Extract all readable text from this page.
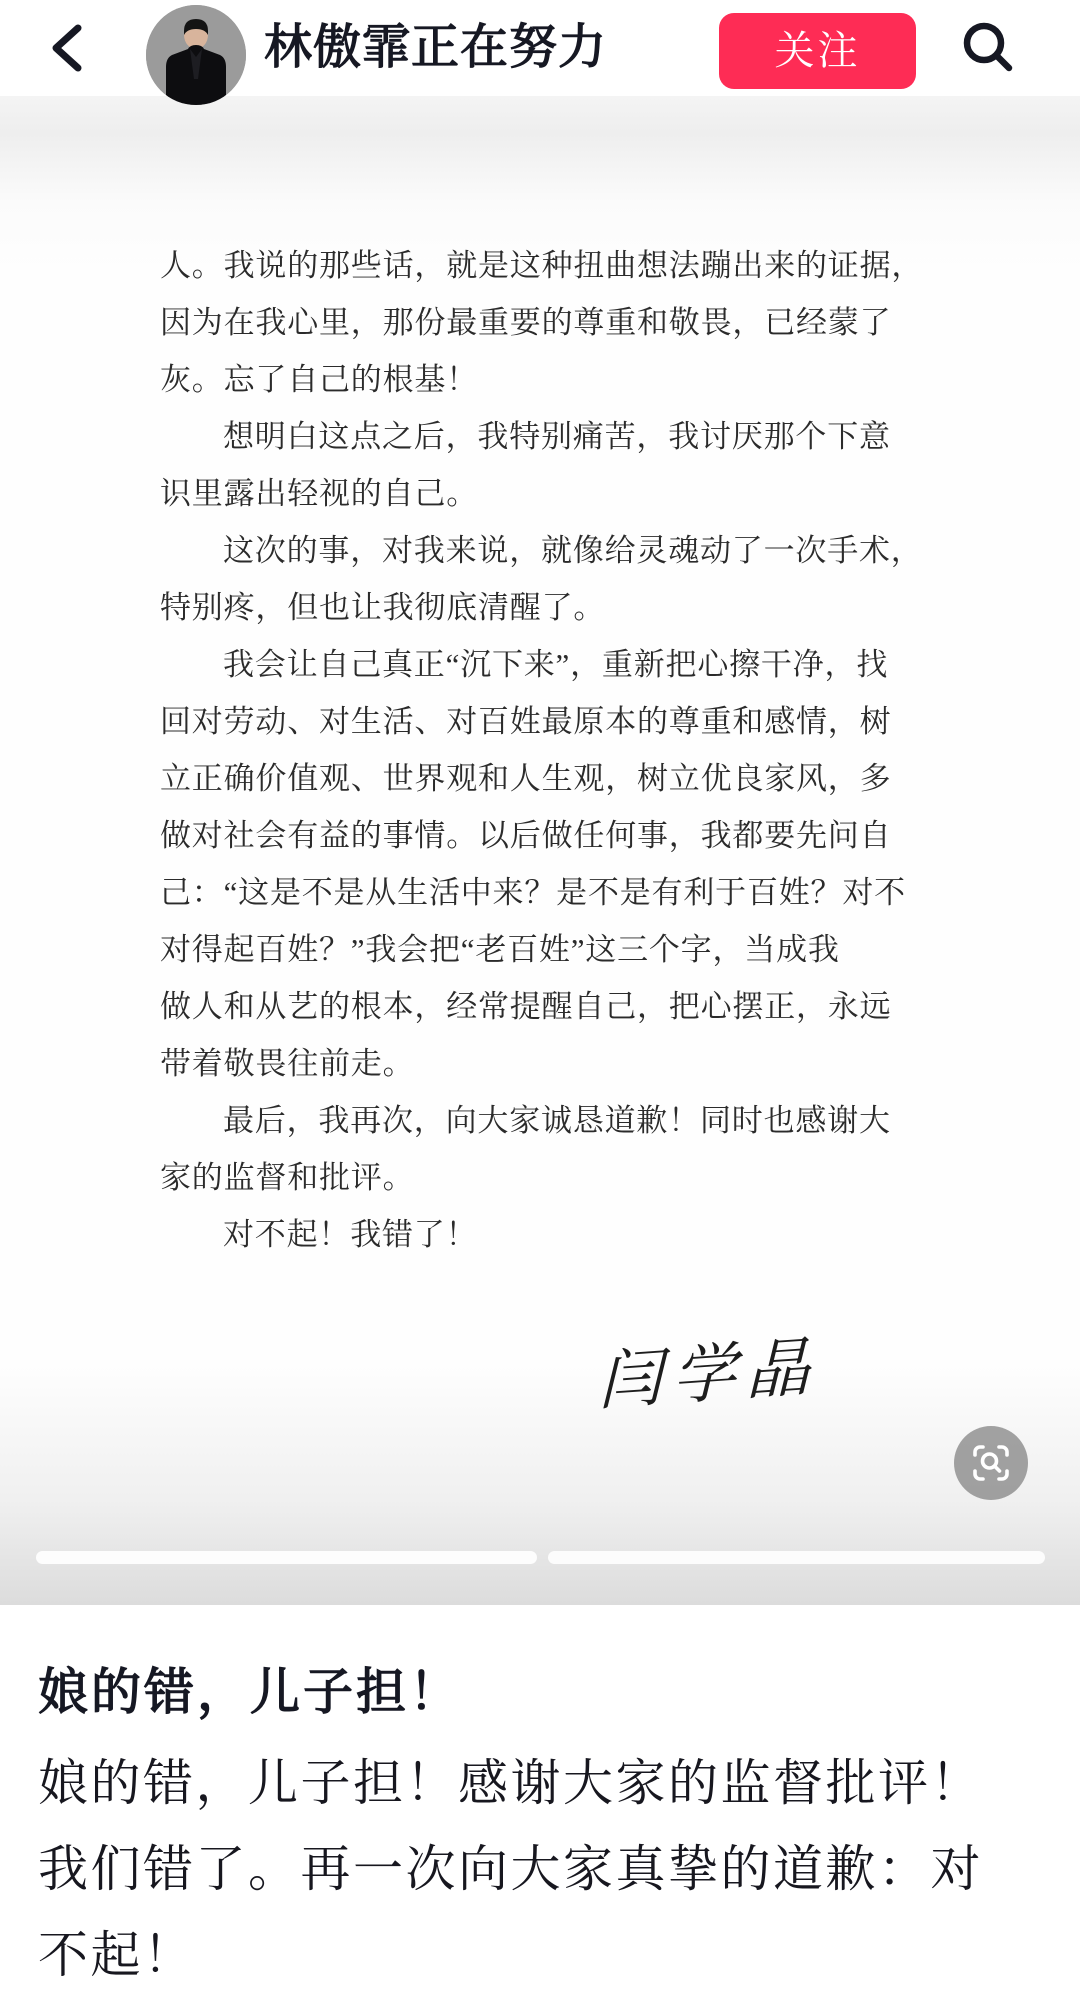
林傲霏正在努力	关注
人。我说的那些话，就是这种扭曲想法蹦出来的证据，
因为在我心里，那份最重要的尊重和敬畏，已经蒙了
灰。忘了自己的根基！
想明白这点之后，我特别痛苦，我讨厌那个下意
识里露出轻视的自己。
这次的事，对我来说，就像给灵魂动了一次手术，
特别疼，但也让我彻底清醒了。
我会让自己真正“沉下来”，重新把心擦干净，找
回对劳动、对生活、对百姓最原本的尊重和感情，树
立正确价值观、世界观和人生观，树立优良家风，多
做对社会有益的事情。以后做任何事，我都要先问自
己：“这是不是从生活中来？是不是有利于百姓？对不
对得起百姓？”我会把“老百姓”这三个字，当成我
做人和从艺的根本，经常提醒自己，把心摆正，永远
带着敬畏往前走。
最后，我再次，向大家诚恳道歉！同时也感谢大
家的监督和批评。
对不起！我错了！
闫学晶
娘的错，儿子担！
娘的错，儿子担！感谢大家的监督批评！
我们错了。再一次向大家真挚的道歉：对
不起！
